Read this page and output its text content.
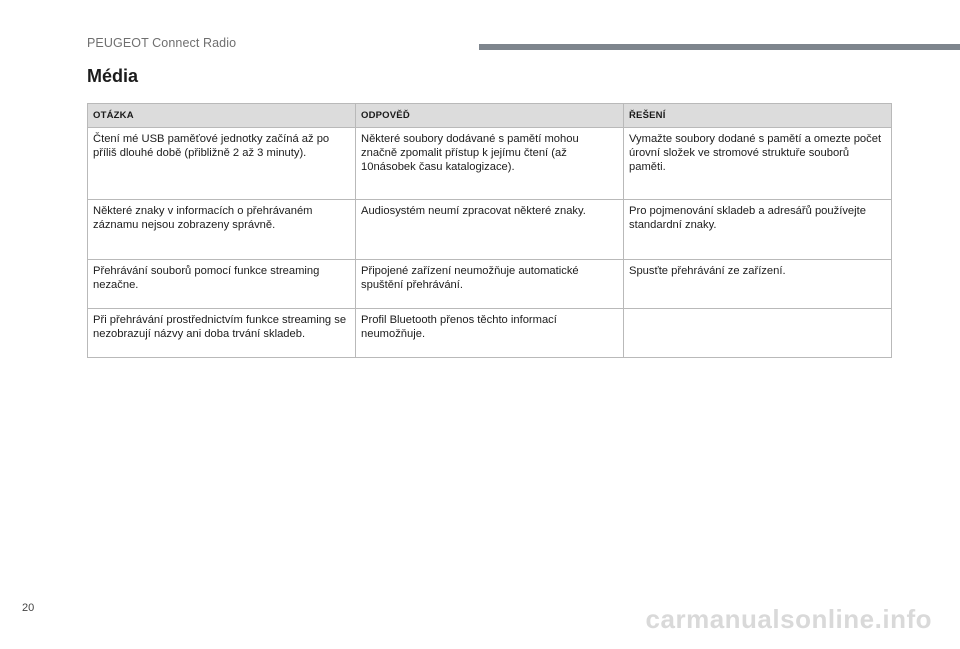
PEUGEOT Connect Radio
Média
OTÁZKA	ODPOVĚĎ	ŘEŠENÍ
Čtení mé USB paměťové jednotky začíná až po příliš dlouhé době (přibližně 2 až 3 minuty).	Některé soubory dodávané s pamětí mohou značně zpomalit přístup k jejímu čtení (až 10násobek času katalogizace).	Vymažte soubory dodané s pamětí a omezte počet úrovní složek ve stromové struktuře souborů paměti.
Některé znaky v informacích o přehrávaném záznamu nejsou zobrazeny správně.	Audiosystém neumí zpracovat některé znaky.	Pro pojmenování skladeb a adresářů používejte standardní znaky.
Přehrávání souborů pomocí funkce streaming nezačne.	Připojené zařízení neumožňuje automatické spuštění přehrávání.	Spusťte přehrávání ze zařízení.
Při přehrávání prostřednictvím funkce streaming se nezobrazují názvy ani doba trvání skladeb.	Profil Bluetooth přenos těchto informací neumožňuje.	
20	carmanualsonline.info
